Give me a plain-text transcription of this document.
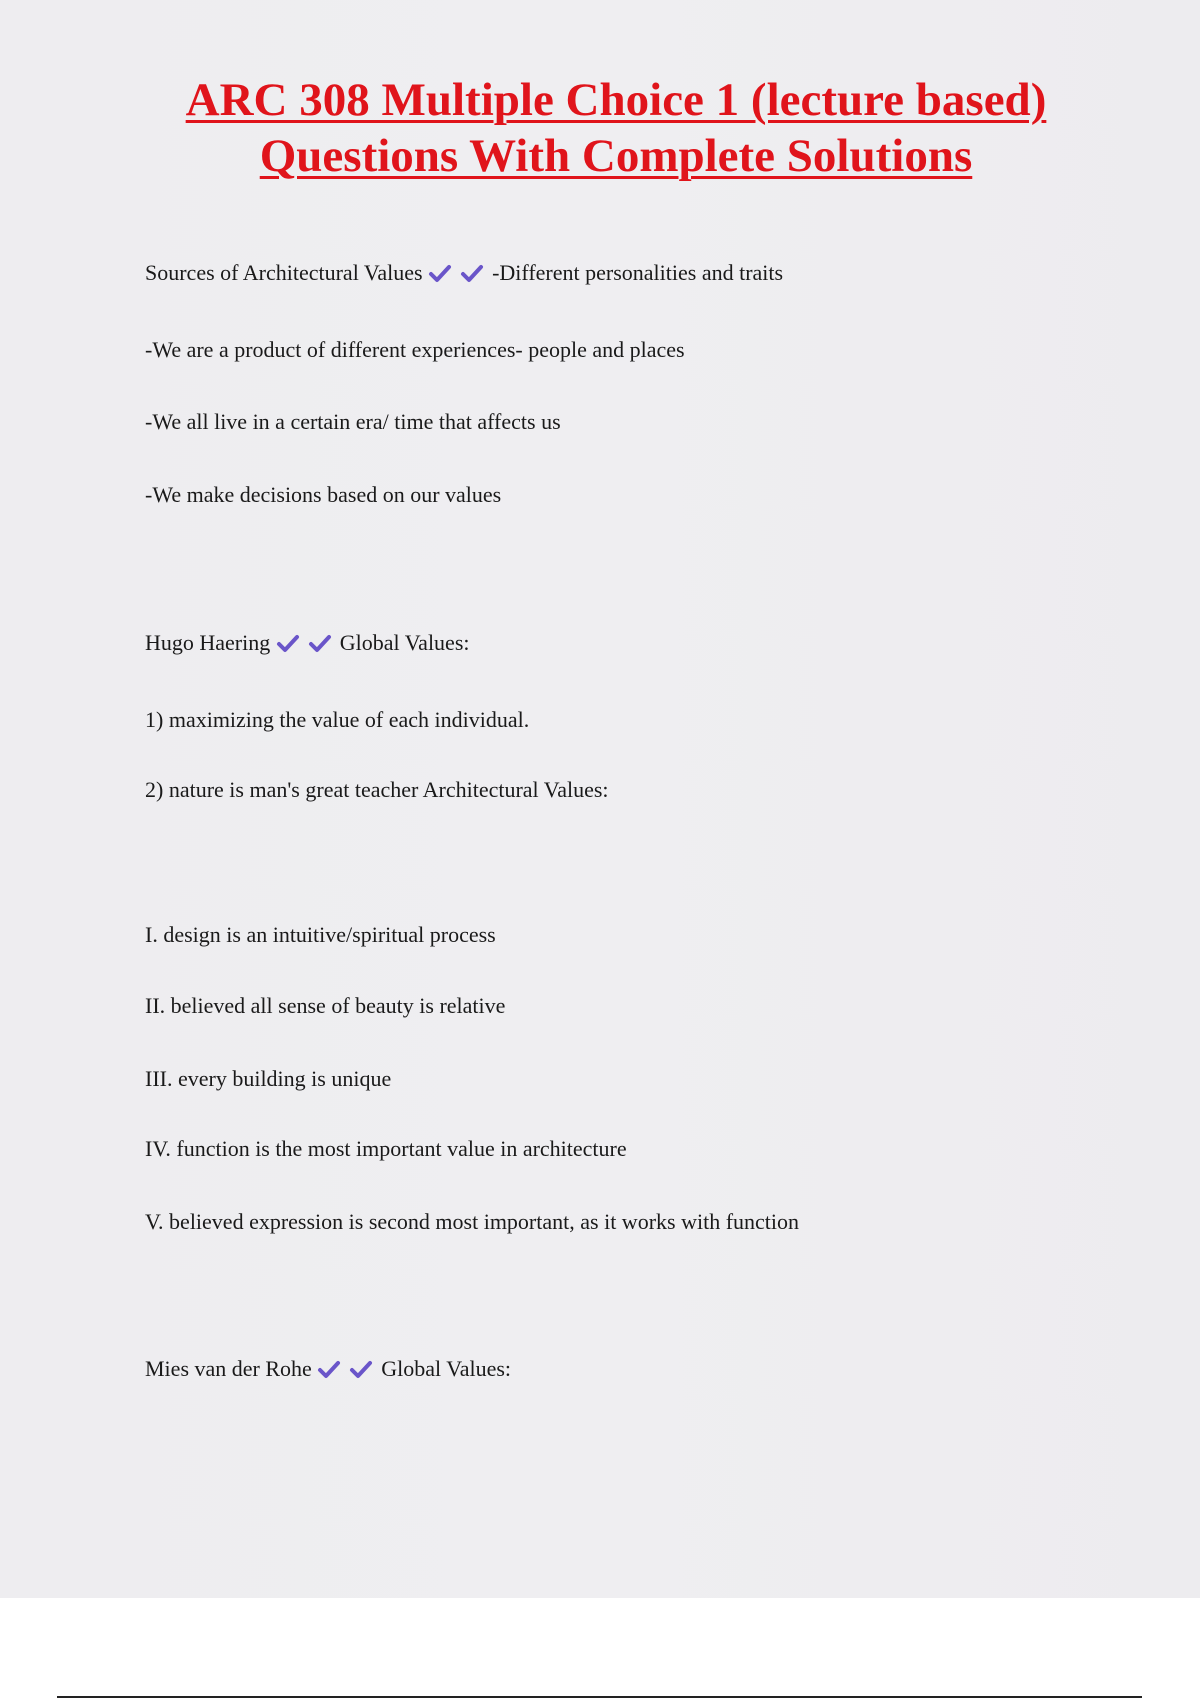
ARC 308 Multiple Choice 1 (lecture based)
Questions With Complete Solutions

Sources of Architectural Values	-Different personalities and traits

-We are a product of different experiences- people and places

-We all live in a certain era/ time that affects us

-We make decisions based on our values

Hugo Haering	Global Values:

1) maximizing the value of each individual.

2) nature is man's great teacher Architectural Values:

I. design is an intuitive/spiritual process

II. believed all sense of beauty is relative

III. every building is unique

IV. function is the most important value in architecture

V. believed expression is second most important, as it works with function

Mies van der Rohe	Global Values:
